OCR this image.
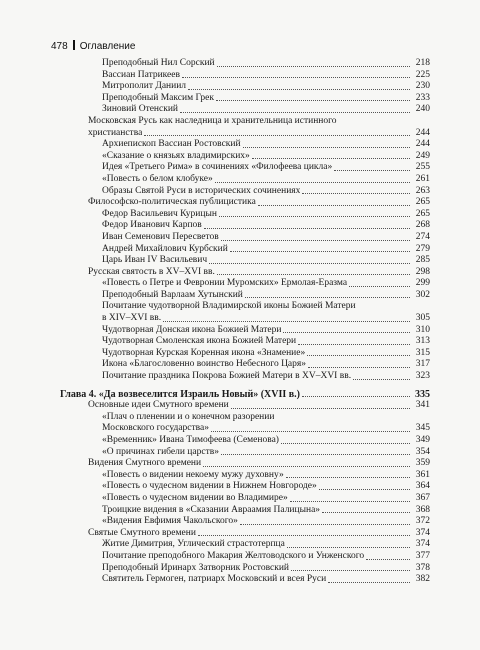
478 Оглавление
Преподобный Нил Сорский	218
Вассиан Патрикеев	225
Митрополит Даниил	230
Преподобный Максим Грек	233
Зиновий Отенский	240
Московская Русь как наследница и хранительница истинного
христианства	244
Архиепископ Вассиан Ростовский	244
«Сказание о князьях владимирских»	249
Идея «Третьего Рима» в сочинениях «Филофеева цикла»	255
«Повесть о белом клобуке»	261
Образы Святой Руси в исторических сочинениях	263
Философско-политическая публицистика	265
Федор Васильевич Курицын	265
Федор Иванович Карпов	268
Иван Семенович Пересветов	274
Андрей Михайлович Курбский	279
Царь Иван IV Васильевич	285
Русская святость в XV–XVI вв.	298
«Повесть о Петре и Февронии Муромских» Ермолая-Еразма	299
Преподобный Варлаам Хутынский	302
Почитание чудотворной Владимирской иконы Божией Матери
в XIV–XVI вв.	305
Чудотворная Донская икона Божией Матери	310
Чудотворная Смоленская икона Божией Матери	313
Чудотворная Курская Коренная икона «Знамение»	315
Икона «Благословенно воинство Небесного Царя»	317
Почитание праздника Покрова Божией Матери в XV–XVI вв.	323
Глава 4. «Да возвеселится Израиль Новый» (XVII в.)	335
Основные идеи Смутного времени	341
«Плач о пленении и о конечном разорении
Московского государства»	345
«Временник» Ивана Тимофеева (Семенова)	349
«О причинах гибели царств»	354
Видения Смутного времени	359
«Повесть о видении некоему мужу духовну»	361
«Повесть о чудесном видении в Нижнем Новгороде»	364
«Повесть о чудесном видении во Владимире»	367
Троицкие видения в «Сказании Авраамия Палицына»	368
«Видения Евфимия Чакольского»	372
Святые Смутного времени	374
Житие Димитрия, Углический страстотерпца	374
Почитание преподобного Макария Желтоводского и Унженского	377
Преподобный Иринарх Затворник Ростовский	378
Святитель Гермоген, патриарх Московский и всея Руси	382
